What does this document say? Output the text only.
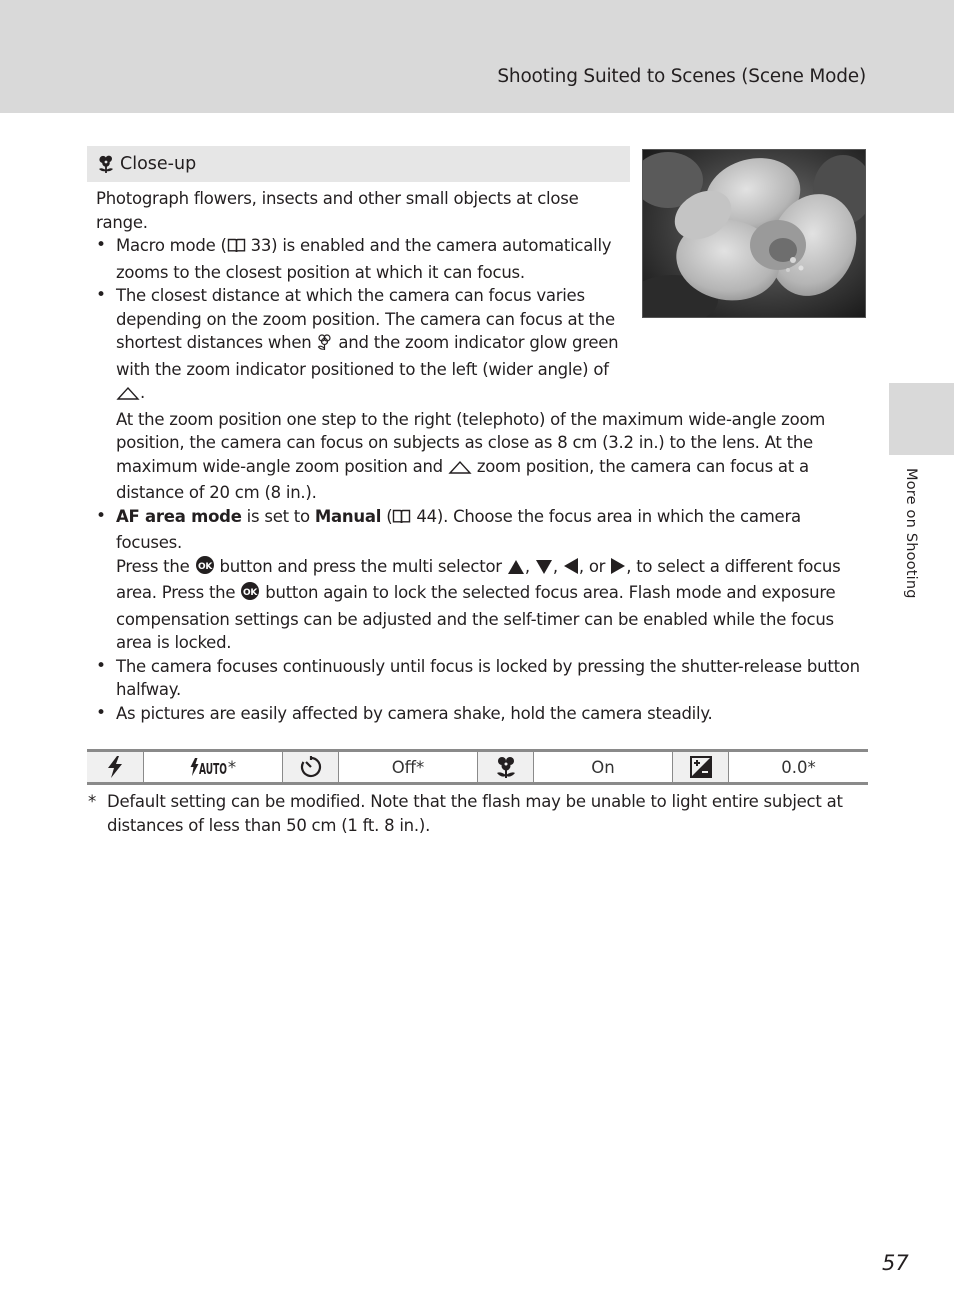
Shooting Suited to Scenes (Scene Mode)
More on Shooting
Close-up

Photograph flowers, insects and other small objects at close range.

• Macro mode ( 33) is enabled and the camera automatically zooms to the closest position at which it can focus.
• The closest distance at which the camera can focus varies depending on the zoom position. The camera can focus at the shortest distances when  and the zoom indicator glow green with the zoom indicator positioned to the left (wider angle) of .
At the zoom position one step to the right (telephoto) of the maximum wide-angle zoom position, the camera can focus on subjects as close as 8 cm (3.2 in.) to the lens. At the maximum wide-angle zoom position and  zoom position, the camera can focus at a distance of 20 cm (8 in.).
• AF area mode is set to Manual ( 44). Choose the focus area in which the camera focuses.
Press the OK button and press the multi selector , , , or , to select a different focus area. Press the OK button again to lock the selected focus area. Flash mode and exposure compensation settings can be adjusted and the self-timer can be enabled while the focus area is locked.
• The camera focuses continuously until focus is locked by pressing the shutter-release button halfway.
• As pictures are easily affected by camera shake, hold the camera steadily.
AUTO *	Off*	On	0.0*
* Default setting can be modified. Note that the flash may be unable to light entire subject at distances of less than 50 cm (1 ft. 8 in.).
57
